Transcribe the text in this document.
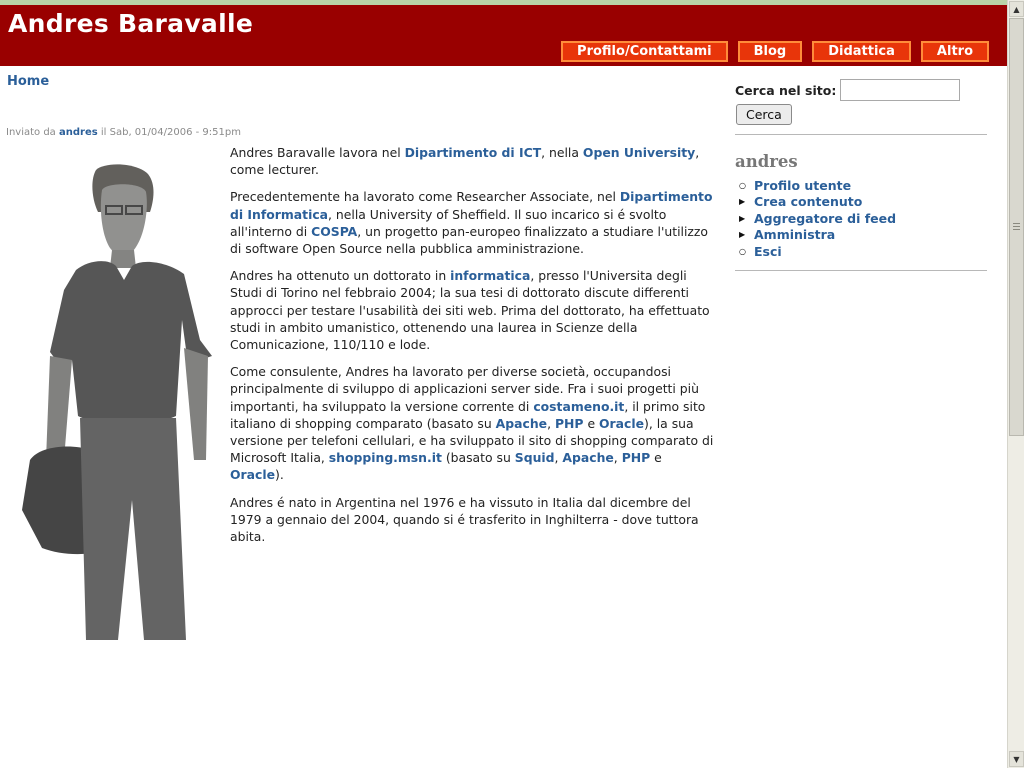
Andres Baravalle
Profilo/Contattami	Blog	Didattica	Altro
Home
Inviato da andres il Sab, 01/04/2006 - 9:51pm

Andres Baravalle lavora nel Dipartimento di ICT, nella Open University, come lecturer.

Precedentemente ha lavorato come Researcher Associate, nel Dipartimento di Informatica, nella University of Sheffield. Il suo incarico si é svolto all'interno di COSPA, un progetto pan-europeo finalizzato a studiare l'utilizzo di software Open Source nella pubblica amministrazione.

Andres ha ottenuto un dottorato in informatica, presso l'Universita degli Studi di Torino nel febbraio 2004; la sua tesi di dottorato discute differenti approcci per testare l'usabilità dei siti web. Prima del dottorato, ha effettuato studi in ambito umanistico, ottenendo una laurea in Scienze della Comunicazione, 110/110 e lode.

Come consulente, Andres ha lavorato per diverse società, occupandosi principalmente di sviluppo di applicazioni server side. Fra i suoi progetti più importanti, ha sviluppato la versione corrente di costameno.it, il primo sito italiano di shopping comparato (basato su Apache, PHP e Oracle), la sua versione per telefoni cellulari, e ha sviluppato il sito di shopping comparato di Microsoft Italia, shopping.msn.it (basato su Squid, Apache, PHP e Oracle).

Andres é nato in Argentina nel 1976 e ha vissuto in Italia dal dicembre del 1979 a gennaio del 2004, quando si é trasferito in Inghilterra - dove tuttora abita.

Cerca nel sito:
Cerca
andres
○ Profilo utente
▶ Crea contenuto
▶ Aggregatore di feed
▶ Amministra
○ Esci
▲
▼
